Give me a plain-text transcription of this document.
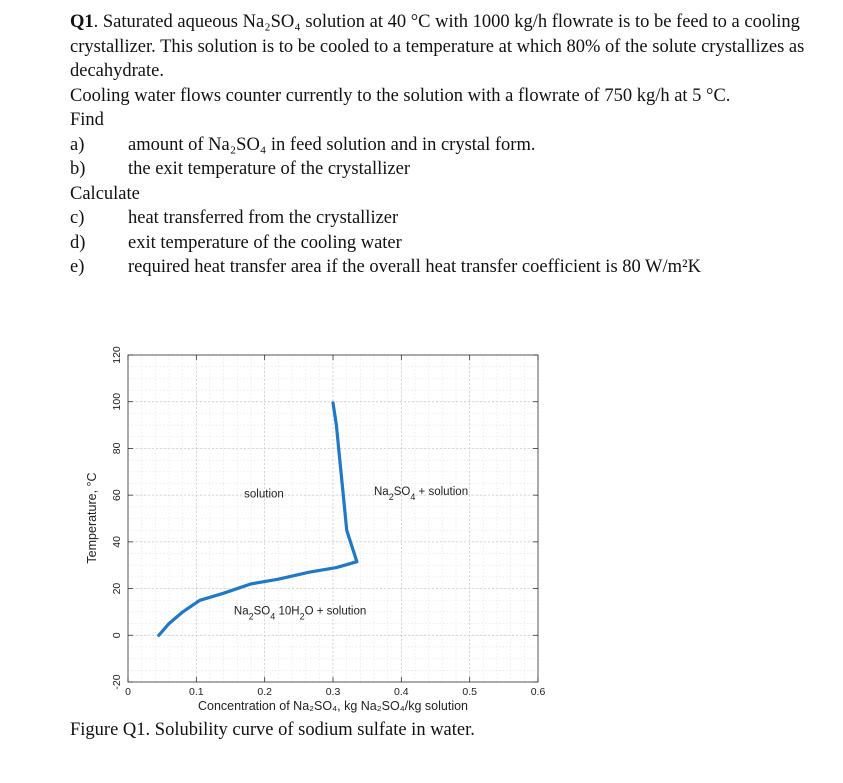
Q1. Saturated aqueous Na₂SO₄ solution at 40 °C with 1000 kg/h flowrate is to be feed to a cooling crystallizer. This solution is to be cooled to a temperature at which 80% of the solute crystallizes as decahydrate.

Cooling water flows counter currently to the solution with a flowrate of 750 kg/h at 5 °C.

Find

a)	amount of Na₂SO₄ in feed solution and in crystal form.
b)	the exit temperature of the crystallizer

Calculate

c)	heat transferred from the crystallizer
d)	exit temperature of the cooling water
e)	required heat transfer area if the overall heat transfer coefficient is 80 W/m²K
-20
0
20
40
60
80
100
120
0	0.1	0.2	0.3	0.4	0.5	0.6
solution	$Na_2SO_4$ + solution
$Na_2SO_4$ $10H_2O$ + solution
Concentration of Na₂SO₄, kg Na₂SO₄/kg solution
Temperature, °C
Figure Q1. Solubility curve of sodium sulfate in water.
